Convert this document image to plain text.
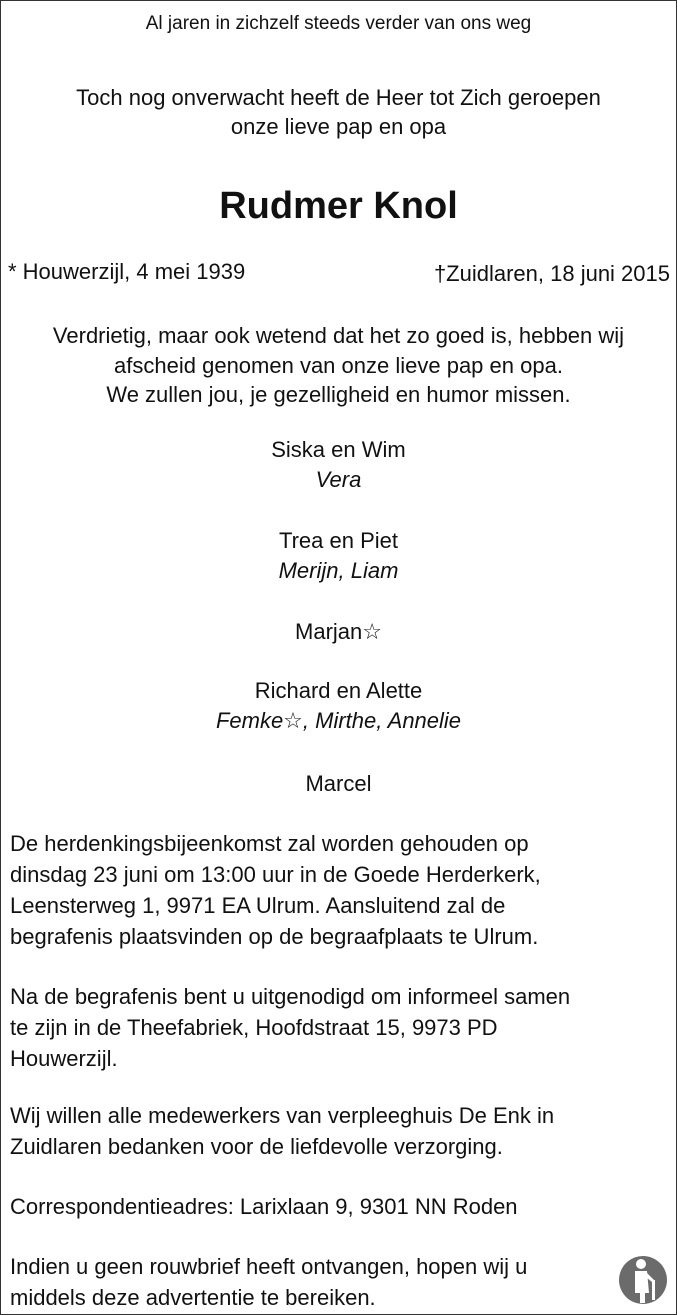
Al jaren in zichzelf steeds verder van ons weg
Toch nog onverwacht heeft de Heer tot Zich geroepen
onze lieve pap en opa
Rudmer Knol
* Houwerzijl, 4 mei 1939	†Zuidlaren, 18 juni 2015
Verdrietig, maar ook wetend dat het zo goed is, hebben wij
afscheid genomen van onze lieve pap en opa.
We zullen jou, je gezelligheid en humor missen.
Siska en Wim
Vera
Trea en Piet
Merijn, Liam
Marjan☆
Richard en Alette
Femke☆, Mirthe, Annelie
Marcel
De herdenkingsbijeenkomst zal worden gehouden op
dinsdag 23 juni om 13:00 uur in de Goede Herderkerk,
Leensterweg 1, 9971 EA Ulrum. Aansluitend zal de
begrafenis plaatsvinden op de begraafplaats te Ulrum.
Na de begrafenis bent u uitgenodigd om informeel samen
te zijn in de Theefabriek, Hoofdstraat 15, 9973 PD
Houwerzijl.
Wij willen alle medewerkers van verpleeghuis De Enk in
Zuidlaren bedanken voor de liefdevolle verzorging.
Correspondentieadres: Larixlaan 9, 9301 NN Roden
Indien u geen rouwbrief heeft ontvangen, hopen wij u
middels deze advertentie te bereiken.
